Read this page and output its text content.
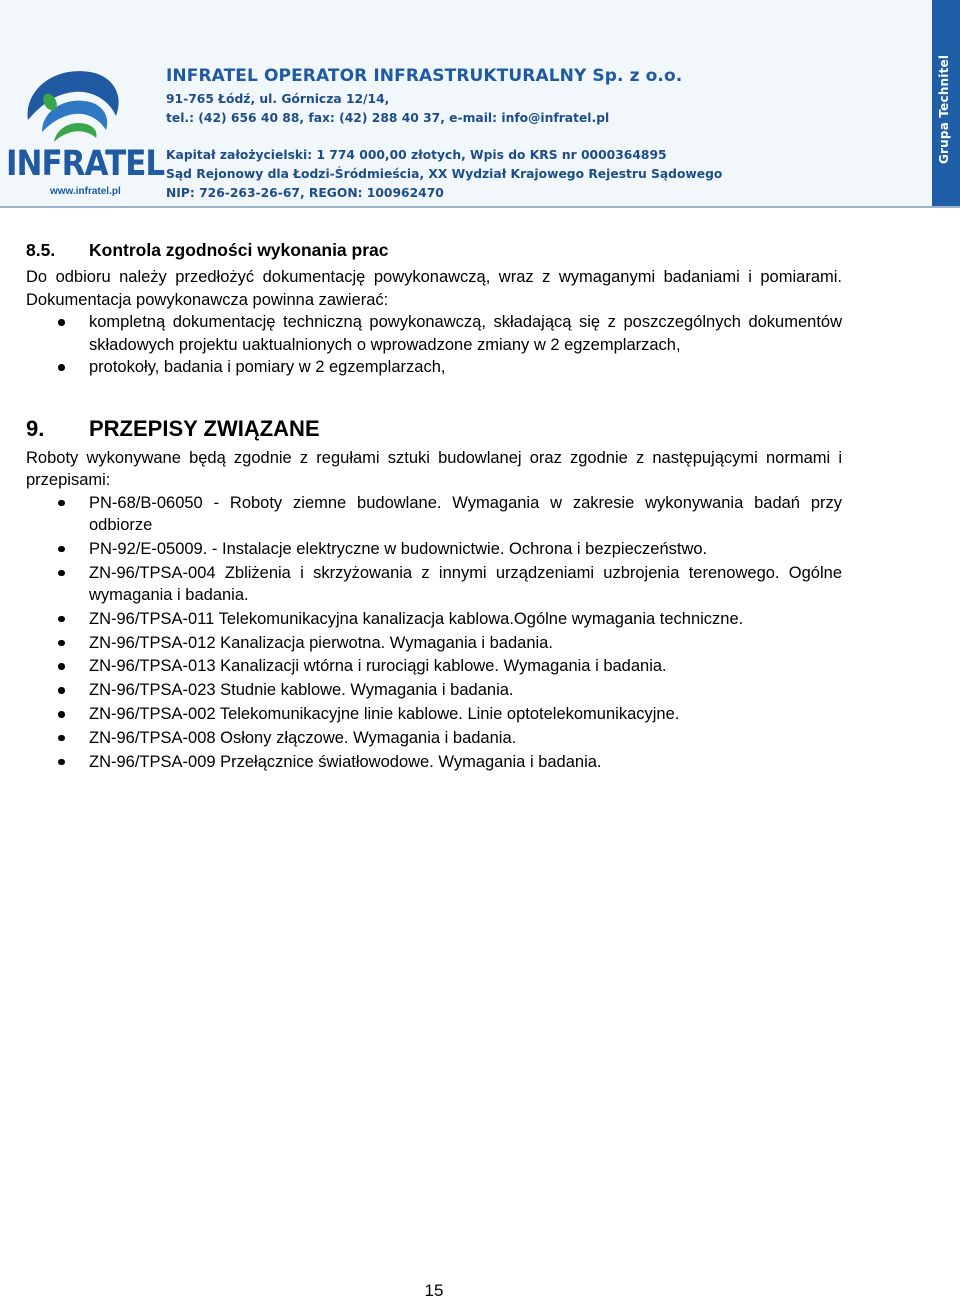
INFRATEL
www.infratel.pl

INFRATEL OPERATOR INFRASTRUKTURALNY Sp. z o.o.

91-765 Łódź, ul. Górnicza 12/14,

tel.: (42) 656 40 88, fax: (42) 288 40 37, e-mail: info@infratel.pl

Kapitał założycielski: 1 774 000,00 złotych, Wpis do KRS nr 0000364895

Sąd Rejonowy dla Łodzi-Śródmieścia, XX Wydział Krajowego Rejestru Sądowego

NIP: 726-263-26-67, REGON: 100962470

Grupa Technitel
8.5. Kontrola zgodności wykonania prac

Do odbioru należy przedłożyć dokumentację powykonawczą, wraz z wymaganymi badaniami i pomiarami. Dokumentacja powykonawcza powinna zawierać:

kompletną dokumentację techniczną powykonawczą, składającą się z poszczególnych dokumentów składowych projektu uaktualnionych o wprowadzone zmiany w 2 egzemplarzach,
protokoły, badania i pomiary w 2 egzemplarzach,
9. PRZEPISY ZWIĄZANE

Roboty wykonywane będą zgodnie z regułami sztuki budowlanej oraz zgodnie z następującymi normami i przepisami:

PN-68/B-06050 - Roboty ziemne budowlane. Wymagania w zakresie wykonywania badań przy odbiorze
PN-92/E-05009. - Instalacje elektryczne w budownictwie. Ochrona i bezpieczeństwo.
ZN-96/TPSA-004 Zbliżenia i skrzyżowania z innymi urządzeniami uzbrojenia terenowego. Ogólne wymagania i badania.
ZN-96/TPSA-011 Telekomunikacyjna kanalizacja kablowa.Ogólne wymagania techniczne.
ZN-96/TPSA-012 Kanalizacja pierwotna. Wymagania i badania.
ZN-96/TPSA-013 Kanalizacji wtórna i rurociągi kablowe. Wymagania i badania.
ZN-96/TPSA-023 Studnie kablowe. Wymagania i badania.
ZN-96/TPSA-002 Telekomunikacyjne linie kablowe. Linie optotelekomunikacyjne.
ZN-96/TPSA-008 Osłony złączowe. Wymagania i badania.
ZN-96/TPSA-009 Przełącznice światłowodowe. Wymagania i badania.
15
